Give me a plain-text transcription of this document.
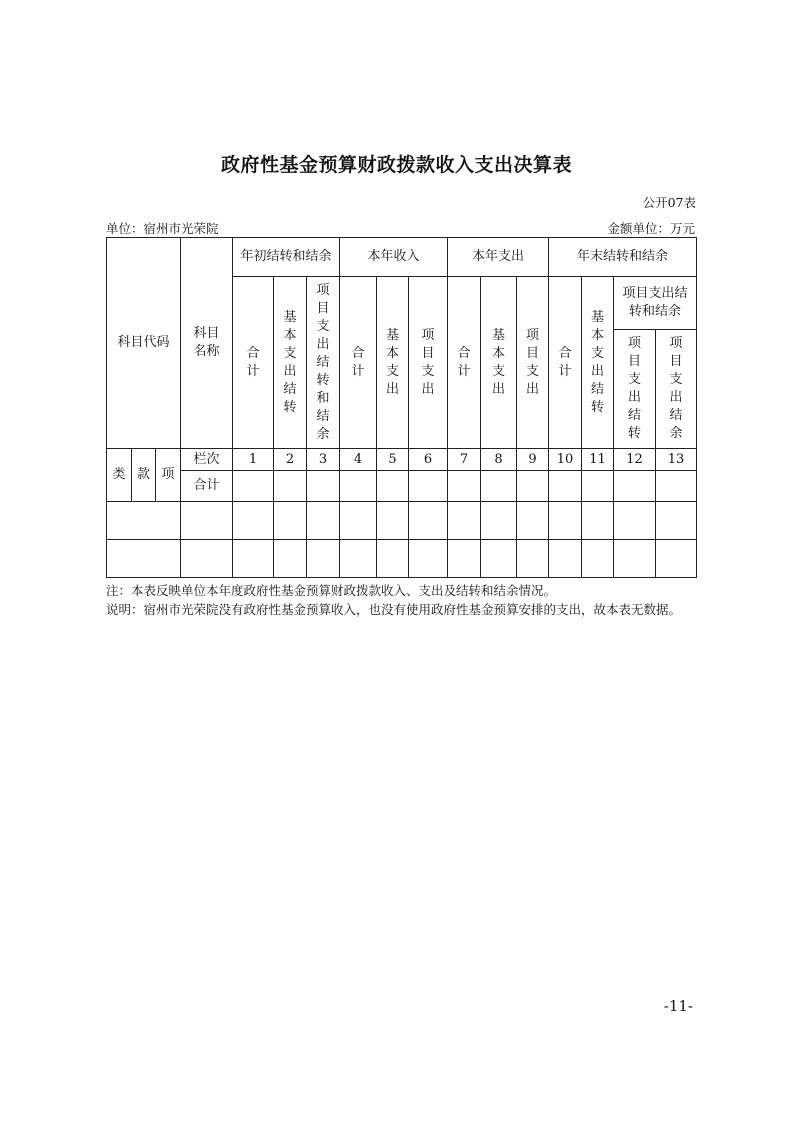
政府性基金预算财政拨款收入支出决算表
公开07表
单位：宿州市光荣院	金额单位：万元
科目代码			科目名称	年初结转和结余			本年收入			本年支出			年末结转和结余			
				合计	基本支出结转	项目支出结转和结余	合计	基本支出	项目支出	合计	基本支出	项目支出	合计	基本支出结转	项目支出结转和结余	
															项目支出结转	项目支出结余
类	款	项	栏次	1	2	3	4	5	6	7	8	9	10	11	12	13
			合计													

注：本表反映单位本年度政府性基金预算财政拨款收入、支出及结转和结余情况。
说明：宿州市光荣院没有政府性基金预算收入，也没有使用政府性基金预算安排的支出，故本表无数据。
-11-
